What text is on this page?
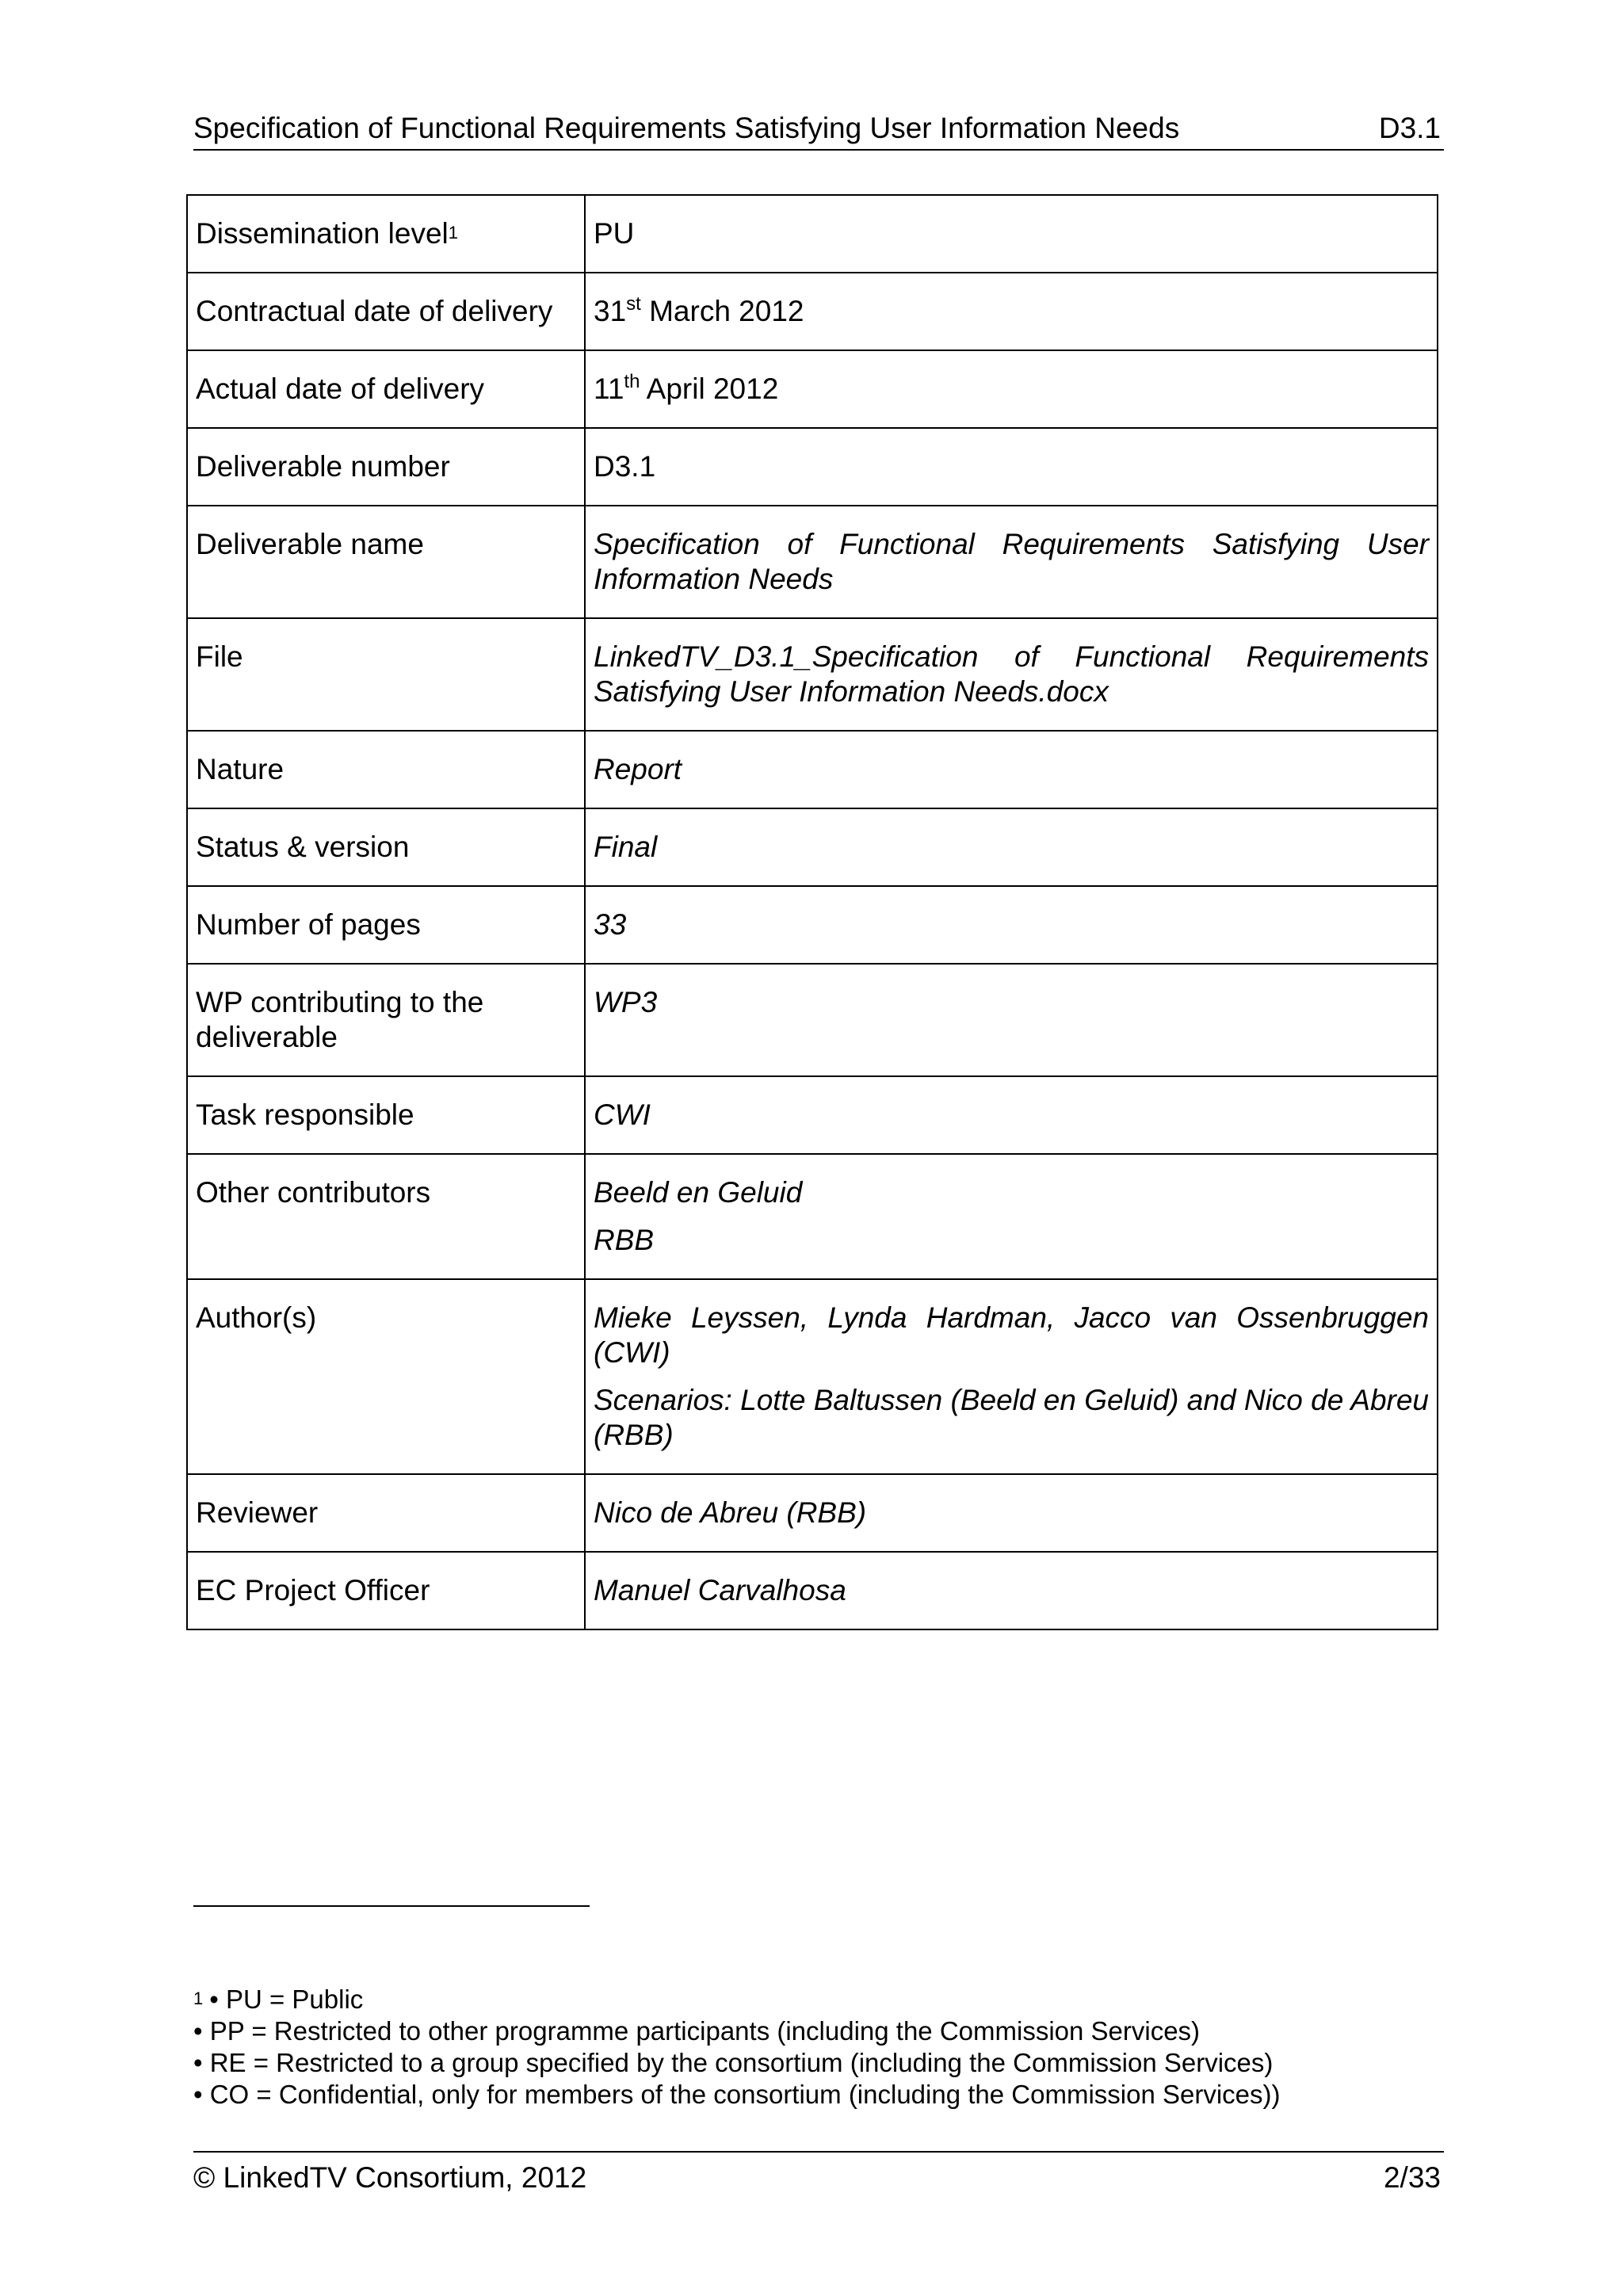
Specification of Functional Requirements Satisfying User Information Needs	D3.1
Dissemination level1	PU
Contractual date of delivery	31st March 2012
Actual date of delivery	11th April 2012
Deliverable number	D3.1
Deliverable name	Specification of Functional Requirements Satisfying User Information Needs
File	LinkedTV_D3.1_Specification of Functional Requirements Satisfying User Information Needs.docx
Nature	Report
Status & version	Final
Number of pages	33
WP contributing to the deliverable	WP3
Task responsible	CWI
Other contributors	Beeld en Geluid

RBB

Author(s)	Mieke Leyssen, Lynda Hardman, Jacco van Ossenbruggen (CWI)

Scenarios: Lotte Baltussen (Beeld en Geluid) and Nico de Abreu (RBB)

Reviewer	Nico de Abreu (RBB)
EC Project Officer	Manuel Carvalhosa
1 • PU = Public
• PP = Restricted to other programme participants (including the Commission Services)
• RE = Restricted to a group specified by the consortium (including the Commission Services)
• CO = Confidential, only for members of the consortium (including the Commission Services))
© LinkedTV Consortium, 2012	2/33
